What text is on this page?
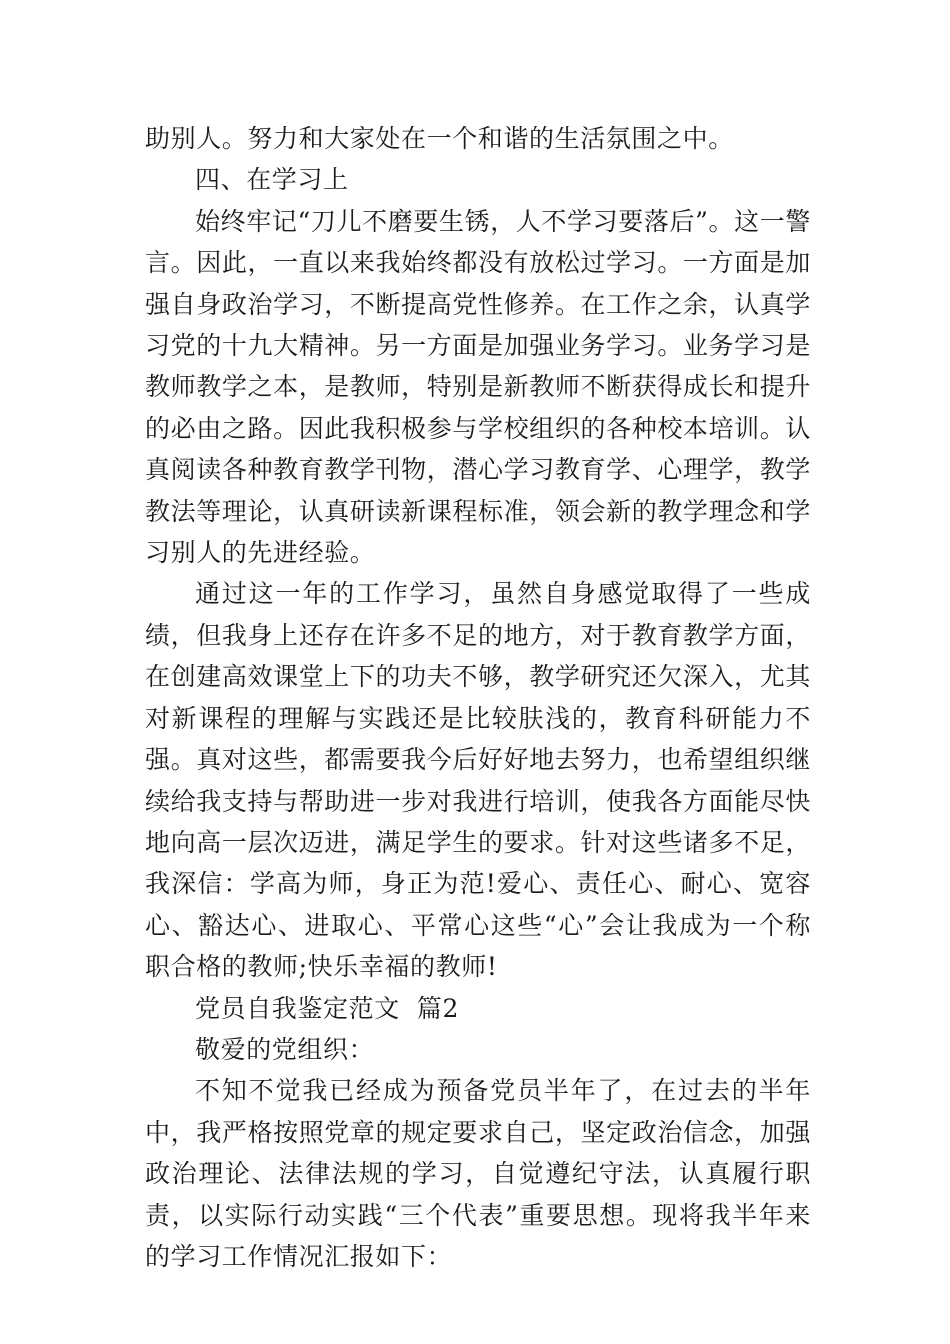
助别人。努力和大家处在一个和谐的生活氛围之中。

四、在学习上

始终牢记“刀儿不磨要生锈，人不学习要落后”。这一警言。因此，一直以来我始终都没有放松过学习。一方面是加强自身政治学习，不断提高党性修养。在工作之余，认真学习党的十九大精神。另一方面是加强业务学习。业务学习是教师教学之本，是教师，特别是新教师不断获得成长和提升的必由之路。因此我积极参与学校组织的各种校本培训。认真阅读各种教育教学刊物，潜心学习教育学、心理学，教学教法等理论，认真研读新课程标准，领会新的教学理念和学习别人的先进经验。

通过这一年的工作学习，虽然自身感觉取得了一些成绩，但我身上还存在许多不足的地方，对于教育教学方面，在创建高效课堂上下的功夫不够，教学研究还欠深入，尤其对新课程的理解与实践还是比较肤浅的，教育科研能力不强。真对这些，都需要我今后好好地去努力，也希望组织继续给我支持与帮助进一步对我进行培训，使我各方面能尽快地向高一层次迈进，满足学生的要求。针对这些诸多不足，我深信：学高为师，身正为范!爱心、责任心、耐心、宽容心、豁达心、进取心、平常心这些“心”会让我成为一个称职合格的教师;快乐幸福的教师!

党员自我鉴定范文  篇2

敬爱的党组织：

不知不觉我已经成为预备党员半年了，在过去的半年中，我严格按照党章的规定要求自己，坚定政治信念，加强政治理论、法律法规的学习，自觉遵纪守法，认真履行职责，以实际行动实践“三个代表”重要思想。现将我半年来的学习工作情况汇报如下：
